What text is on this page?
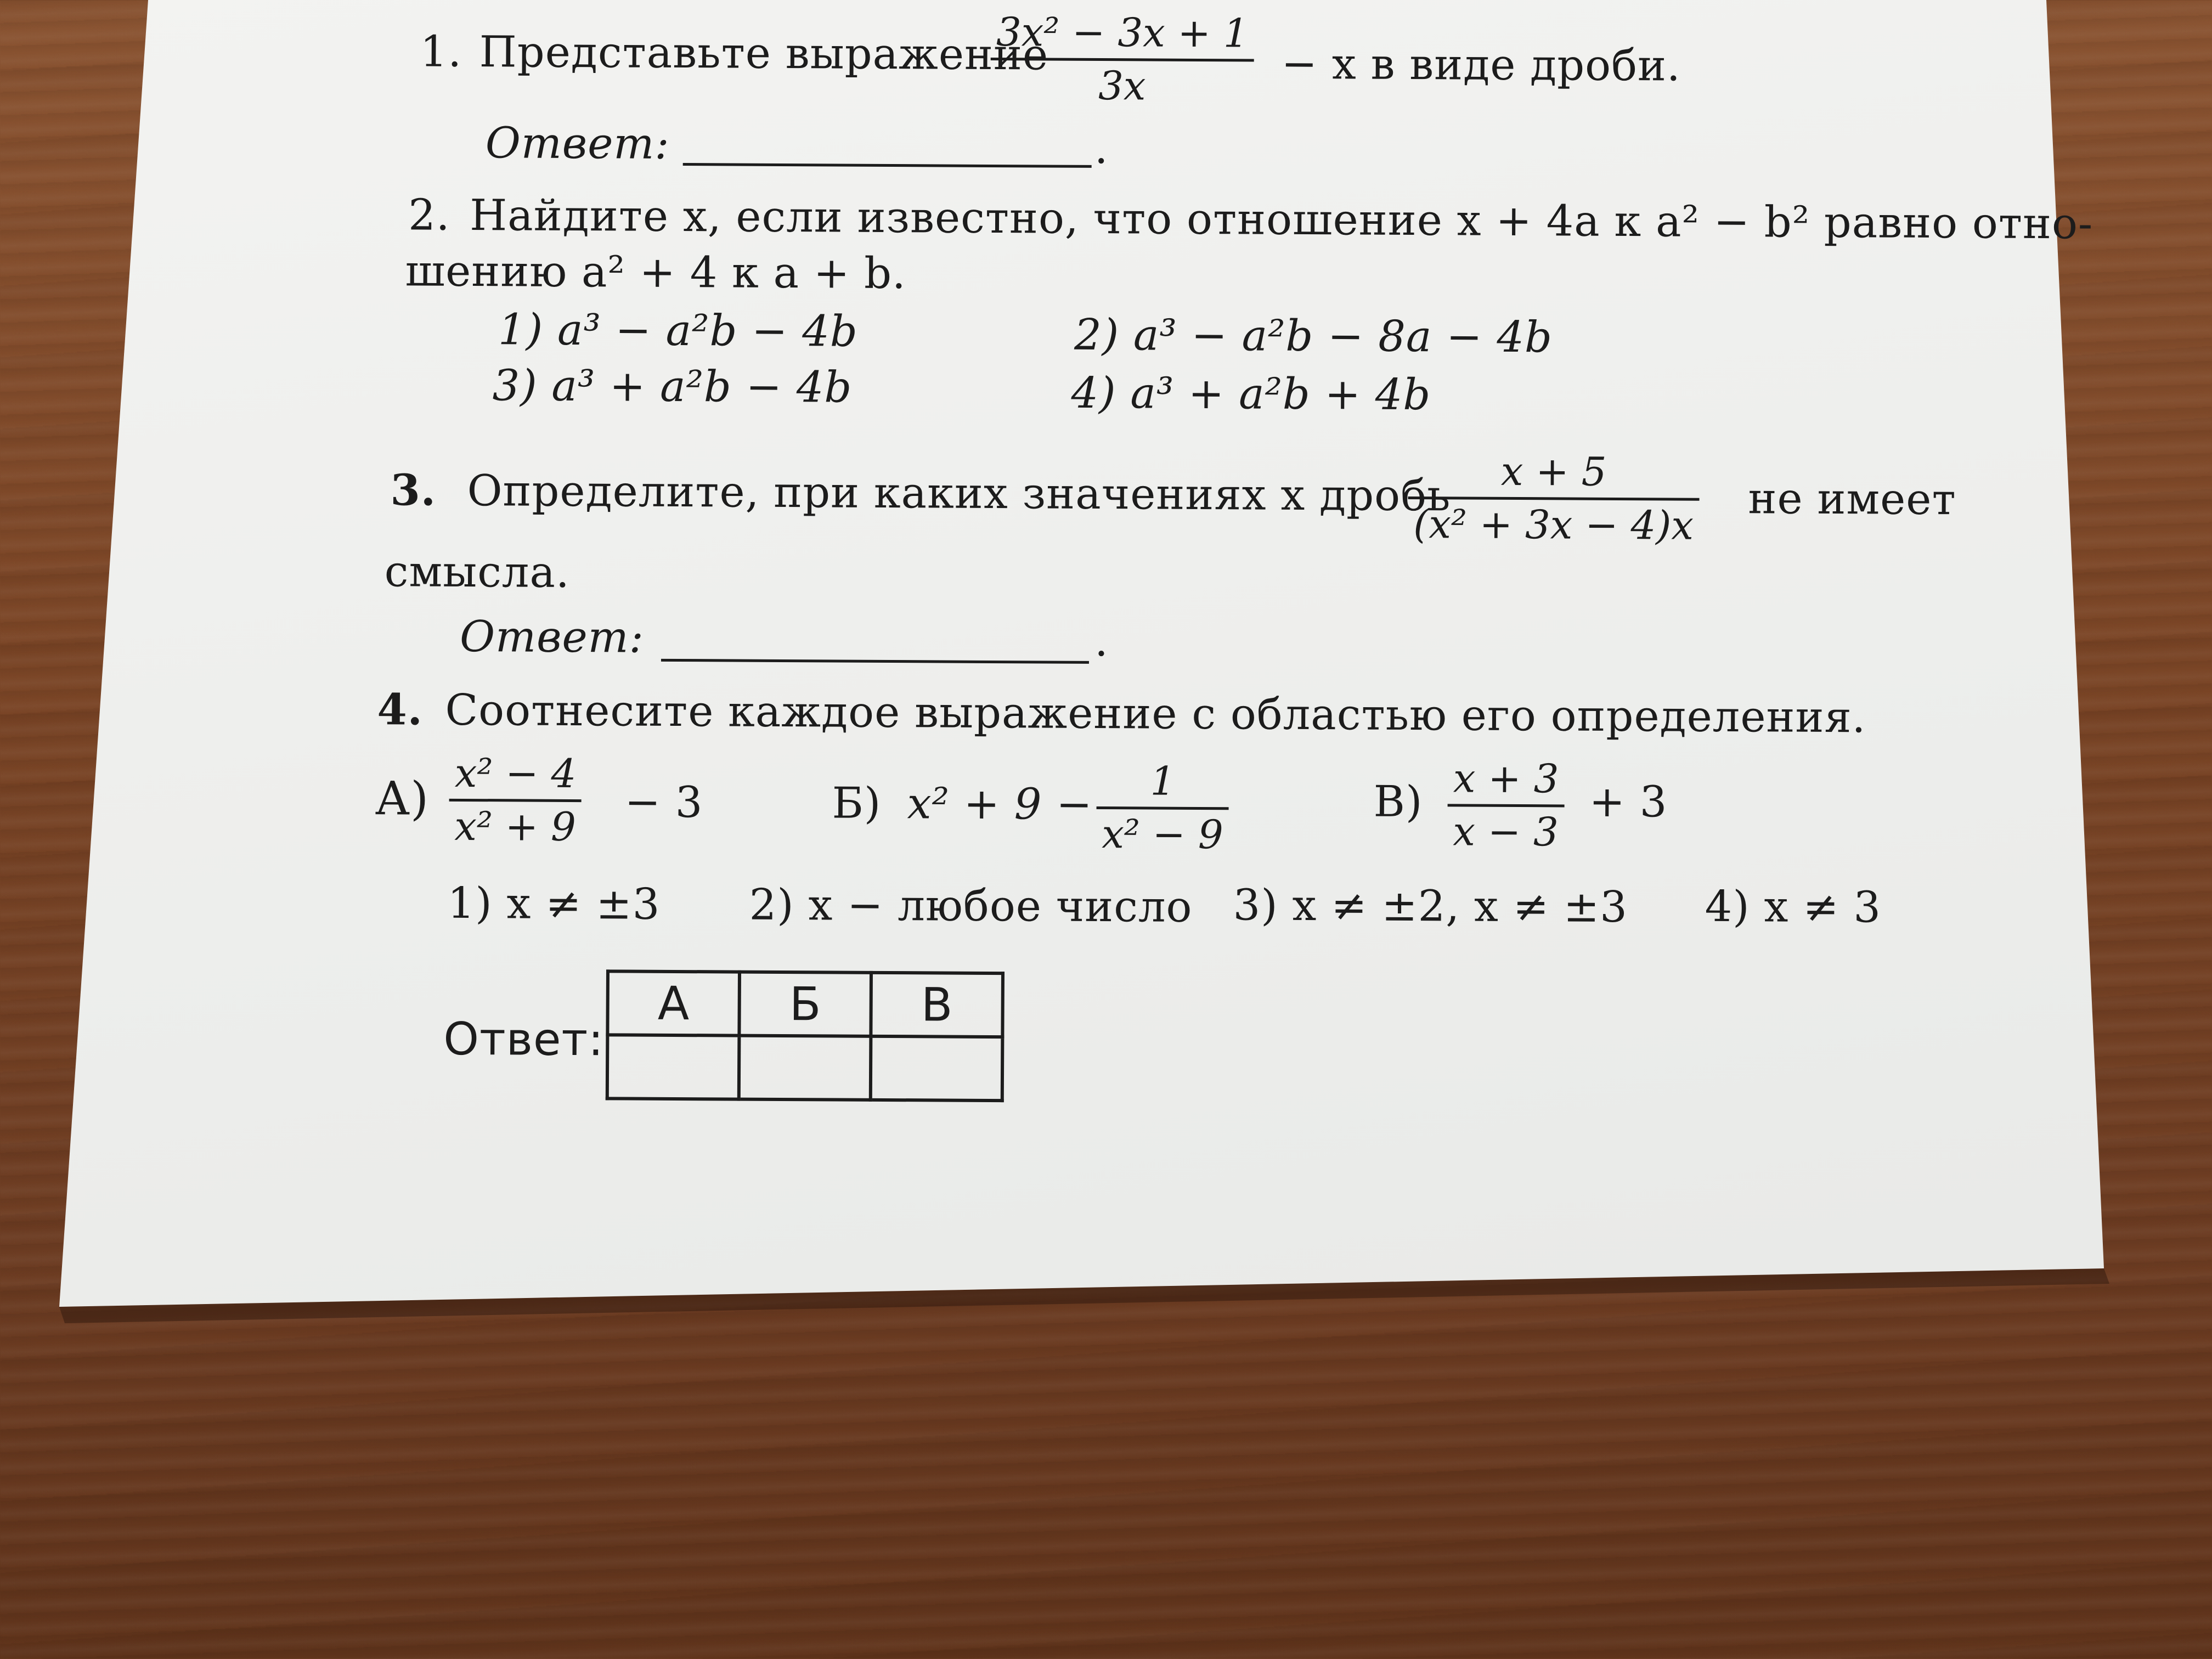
1. Представьте выражение
3x² − 3x + 1
3x	− x в виде дроби.
Ответ:	.
2. Найдите x, если известно, что отношение x + 4a к a² − b² равно отно-
шению a² + 4 к a + b.
1) a³ − a²b − 4b	2) a³ − a²b − 8a − 4b
3) a³ + a²b − 4b	4) a³ + a²b + 4b
3. Определите, при каких значениях x дробь x + 5
(x² + 3x − 4)x не имеет
смысла.
Ответ:	.
4. Соотнесите каждое выражение с областью его определения.
А) x² − 4
x² + 9 − 3	Б) x² + 9 − 1
x² − 9
В) x + 3
x − 3
+ 3
1) x ≠ ±3 2) x − любое число 3) x ≠ ±2, x ≠ ±3 4) x ≠ 3
Ответ:
А	Б	В
